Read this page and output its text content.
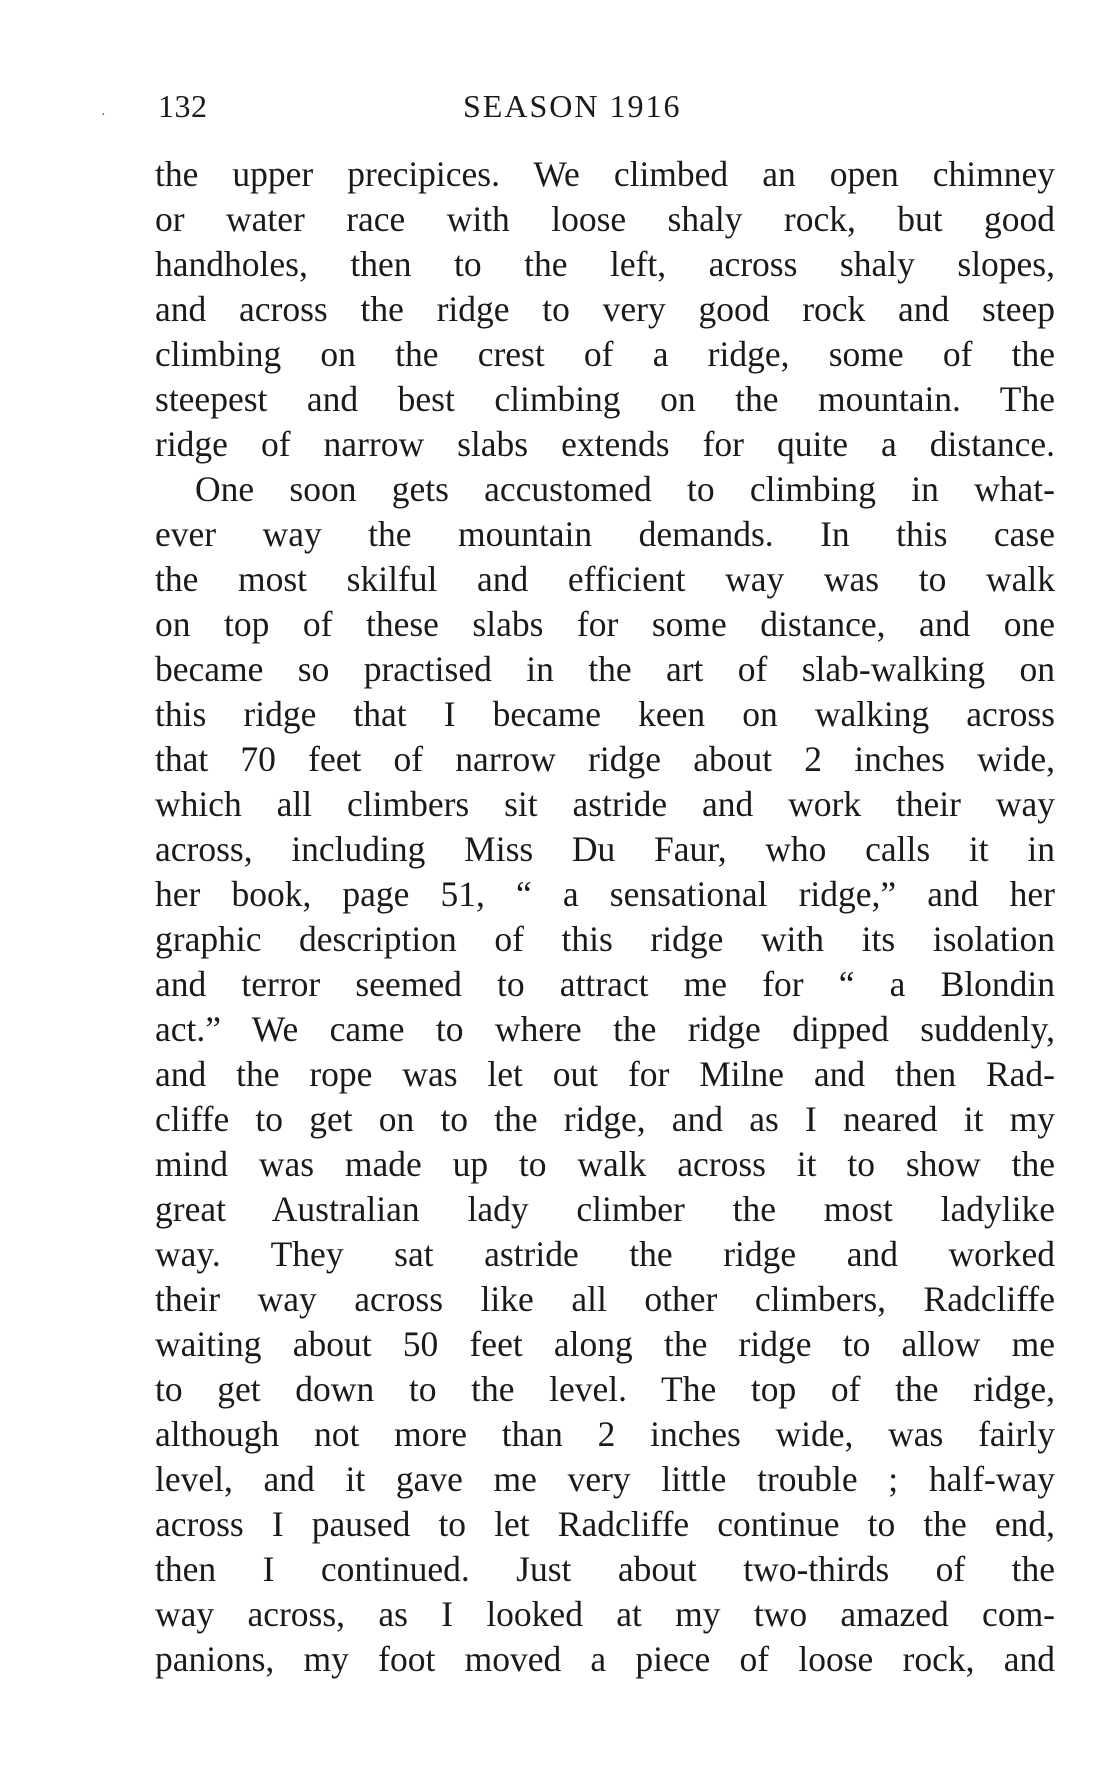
· 132	SEASON 1916
the upper precipices. We climbed an open chimney
or water race with loose shaly rock, but good
handholes, then to the left, across shaly slopes,
and across the ridge to very good rock and steep
climbing on the crest of a ridge, some of the
steepest and best climbing on the mountain. The
ridge of narrow slabs extends for quite a distance.
One soon gets accustomed to climbing in what-
ever way the mountain demands. In this case
the most skilful and efficient way was to walk
on top of these slabs for some distance, and one
became so practised in the art of slab-walking on
this ridge that I became keen on walking across
that 70 feet of narrow ridge about 2 inches wide,
which all climbers sit astride and work their way
across, including Miss Du Faur, who calls it in
her book, page 51, “ a sensational ridge,” and her
graphic description of this ridge with its isolation
and terror seemed to attract me for “ a Blondin
act.” We came to where the ridge dipped suddenly,
and the rope was let out for Milne and then Rad-
cliffe to get on to the ridge, and as I neared it my
mind was made up to walk across it to show the
great Australian lady climber the most ladylike
way. They sat astride the ridge and worked
their way across like all other climbers, Radcliffe
waiting about 50 feet along the ridge to allow me
to get down to the level. The top of the ridge,
although not more than 2 inches wide, was fairly
level, and it gave me very little trouble ; half-way
across I paused to let Radcliffe continue to the end,
then I continued. Just about two-thirds of the
way across, as I looked at my two amazed com-
panions, my foot moved a piece of loose rock, and
